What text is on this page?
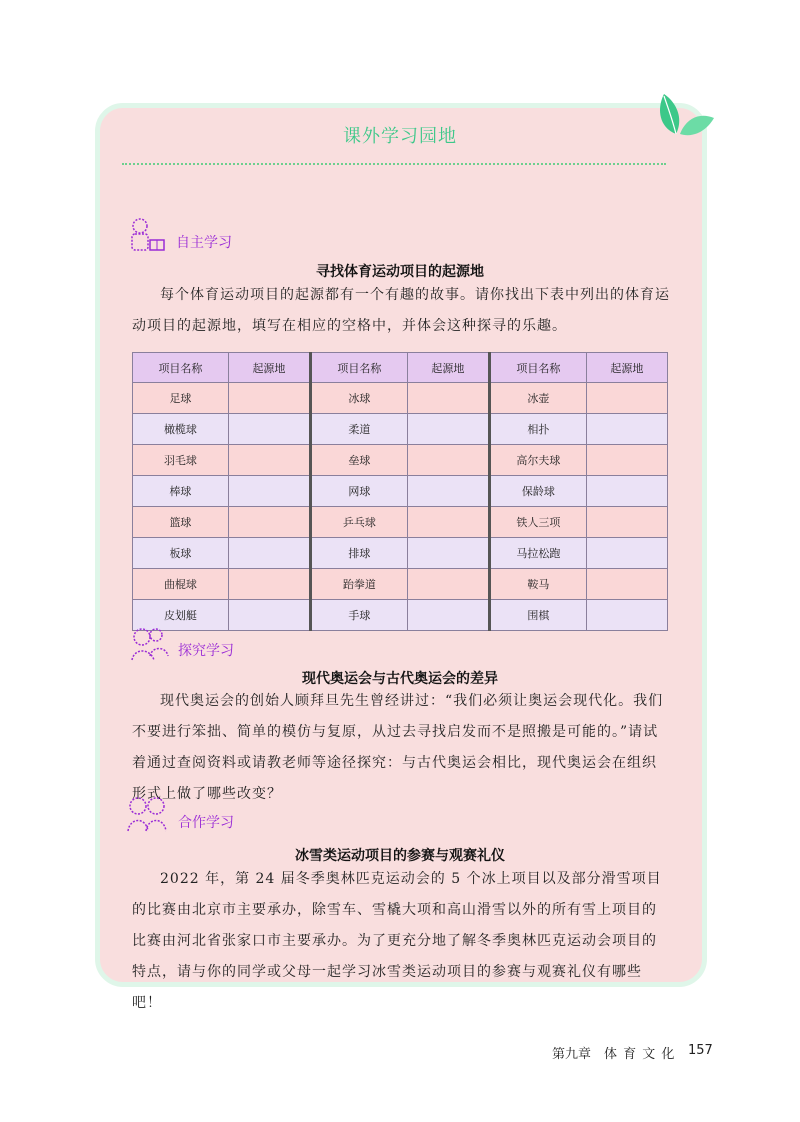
课外学习园地
自主学习
寻找体育运动项目的起源地

每个体育运动项目的起源都有一个有趣的故事。请你找出下表中列出的体育运动项目的起源地，填写在相应的空格中，并体会这种探寻的乐趣。

项目名称	起源地	项目名称	起源地	项目名称	起源地
足球		冰球		冰壶	
橄榄球		柔道		相扑	
羽毛球		垒球		高尔夫球	
棒球		网球		保龄球	
篮球		乒乓球		铁人三项	
板球		排球		马拉松跑	
曲棍球		跆拳道		鞍马	
皮划艇		手球		围棋	
探究学习
现代奥运会与古代奥运会的差异

现代奥运会的创始人顾拜旦先生曾经讲过：“我们必须让奥运会现代化。我们不要进行笨拙、简单的模仿与复原，从过去寻找启发而不是照搬是可能的。”请试着通过查阅资料或请教老师等途径探究：与古代奥运会相比，现代奥运会在组织形式上做了哪些改变？

合作学习
冰雪类运动项目的参赛与观赛礼仪

2022 年，第 24 届冬季奥林匹克运动会的 5 个冰上项目以及部分滑雪项目的比赛由北京市主要承办，除雪车、雪橇大项和高山滑雪以外的所有雪上项目的比赛由河北省张家口市主要承办。为了更充分地了解冬季奥林匹克运动会项目的特点，请与你的同学或父母一起学习冰雪类运动项目的参赛与观赛礼仪有哪些吧！

第九章 体 育 文 化 157
